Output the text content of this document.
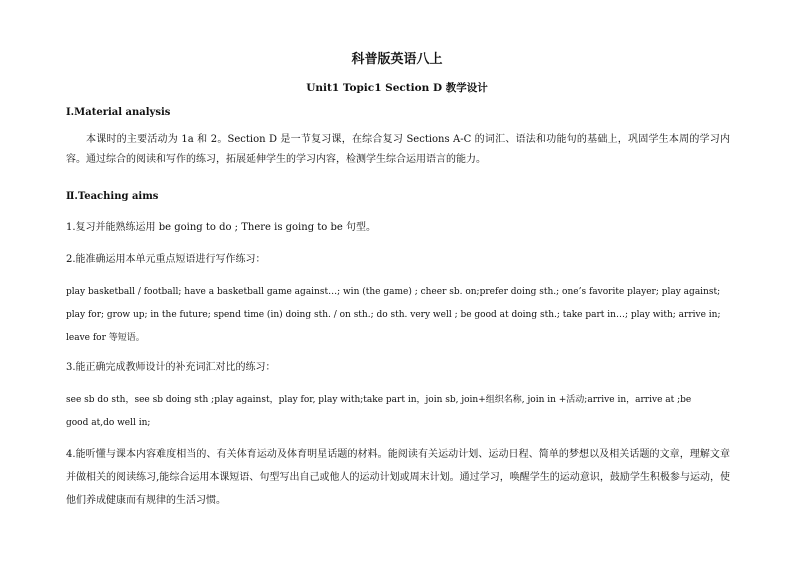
科普版英语八上
Unit1 Topic1 Section D 教学设计
Ⅰ.Material analysis
本课时的主要活动为 1a 和 2。Section D 是一节复习课，在综合复习 Sections A-C 的词汇、语法和功能句的基础上，巩固学生本周的学习内容。通过综合的阅读和写作的练习，拓展延伸学生的学习内容，检测学生综合运用语言的能力。
Ⅱ.Teaching aims
1.复习并能熟练运用 be going to do ; There is going to be 句型。
2.能准确运用本单元重点短语进行写作练习：
play basketball / football; have a basketball game against…; win (the game) ; cheer sb. on;prefer doing sth.; one’s favorite player; play against;
play for; grow up; in the future; spend time (in) doing sth. / on sth.; do sth. very well ; be good at doing sth.; take part in…; play with; arrive in;
leave for 等短语。
3.能正确完成教师设计的补充词汇对比的练习：
see sb do sth，see sb doing sth ;play against，play for, play with;take part in，join sb, join+组织名称, join in +活动;arrive in，arrive at ;be
good at,do well in;
4.能听懂与课本内容难度相当的、有关体育运动及体育明星话题的材料。能阅读有关运动计划、运动日程、简单的梦想以及相关话题的文章，理解文章并做相关的阅读练习,能综合运用本课短语、句型写出自己或他人的运动计划或周末计划。通过学习，唤醒学生的运动意识，鼓励学生积极参与运动，使他们养成健康而有规律的生活习惯。
